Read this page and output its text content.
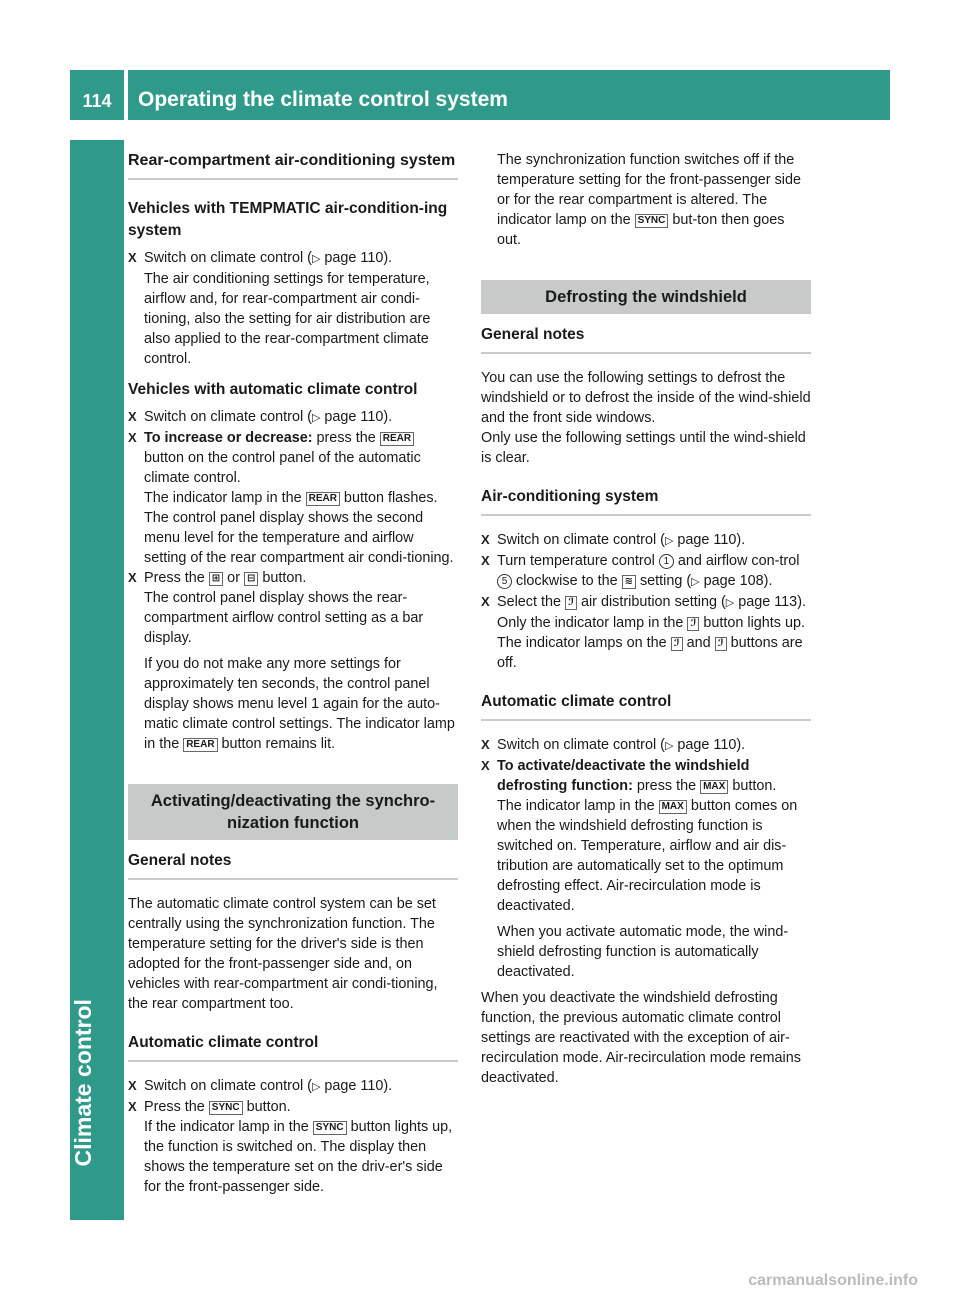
114	Operating the climate control system
Climate control
Rear-compartment air-conditioning system
Vehicles with TEMPMATIC air-condition-ing system
X Switch on climate control (▷ page 110).
The air conditioning settings for temperature, airflow and, for rear-compartment air condi-tioning, also the setting for air distribution are also applied to the rear-compartment climate control.
Vehicles with automatic climate control
X Switch on climate control (▷ page 110).
X To increase or decrease: press the REAR
button on the control panel of the automatic climate control.
The indicator lamp in the REAR button flashes. The control panel display shows the second menu level for the temperature and airflow setting of the rear compartment air condi-tioning.
X Press the ⊞ or ⊟ button.
The control panel display shows the rear-compartment airflow control setting as a bar display.
If you do not make any more settings for approximately ten seconds, the control panel display shows menu level 1 again for the auto-matic climate control settings. The indicator lamp in the REAR button remains lit.
Activating/deactivating the synchro-nization function
General notes

The automatic climate control system can be set centrally using the synchronization function. The temperature setting for the driver's side is then adopted for the front-passenger side and, on vehicles with rear-compartment air condi-tioning, the rear compartment too.

Automatic climate control
X Switch on climate control (▷ page 110).
X Press the SYNC button.
If the indicator lamp in the SYNC button lights up, the function is switched on. The display then shows the temperature set on the driv-er's side for the front-passenger side.

The synchronization function switches off if the temperature setting for the front-passenger side or for the rear compartment is altered. The indicator lamp on the SYNC but-ton then goes out.

Defrosting the windshield
General notes

You can use the following settings to defrost the windshield or to defrost the inside of the wind-shield and the front side windows.

Only use the following settings until the wind-shield is clear.

Air-conditioning system
X Switch on climate control (▷ page 110).
X Turn temperature control 1 and airflow con-trol 5 clockwise to the ≋ setting (▷ page 108).
X Select the ℐ air distribution setting (▷ page 113).
Only the indicator lamp in the ℐ button lights up. The indicator lamps on the ℐ and ℐ buttons are off.
Automatic climate control
X Switch on climate control (▷ page 110).
X To activate/deactivate the windshield defrosting function: press the MAX button.
The indicator lamp in the MAX button comes on when the windshield defrosting function is switched on. Temperature, airflow and air dis-tribution are automatically set to the optimum defrosting effect. Air-recirculation mode is deactivated.
When you activate automatic mode, the wind-shield defrosting function is automatically deactivated.

When you deactivate the windshield defrosting function, the previous automatic climate control settings are reactivated with the exception of air-recirculation mode. Air-recirculation mode remains deactivated.

carmanualsonline.info
